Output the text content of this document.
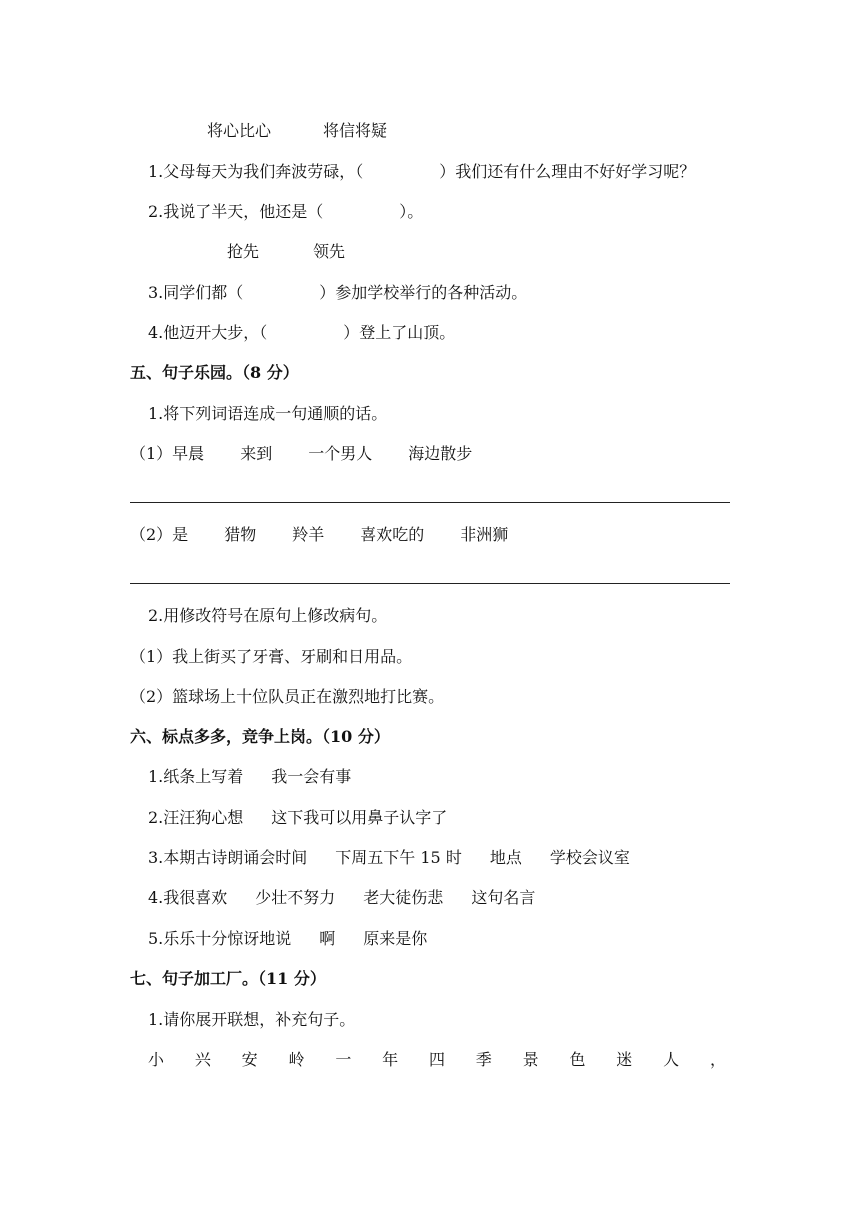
将心比心	将信将疑
1.父母每天为我们奔波劳碌，（	）我们还有什么理由不好好学习呢？
2.我说了半天，他还是（	）。
抢先	领先
3.同学们都（	）参加学校举行的各种活动。
4.他迈开大步，（	）登上了山顶。
五、句子乐园。（8 分）
1.将下列词语连成一句通顺的话。
（1）早晨 来到 一个男人 海边散步
（2）是 猎物 羚羊 喜欢吃的 非洲狮
2.用修改符号在原句上修改病句。
（1）我上街买了牙膏、牙刷和日用品。
（2）篮球场上十位队员正在激烈地打比赛。
六、标点多多，竞争上岗。（10 分）
1.纸条上写着 我一会有事
2.汪汪狗心想 这下我可以用鼻子认字了
3.本期古诗朗诵会时间 下周五下午 15 时 地点 学校会议室
4.我很喜欢 少壮不努力 老大徒伤悲 这句名言
5.乐乐十分惊讶地说 啊 原来是你
七、句子加工厂。（11 分）
1.请你展开联想，补充句子。
小 兴 安 岭 一 年 四 季 景 色 迷 人 ，
